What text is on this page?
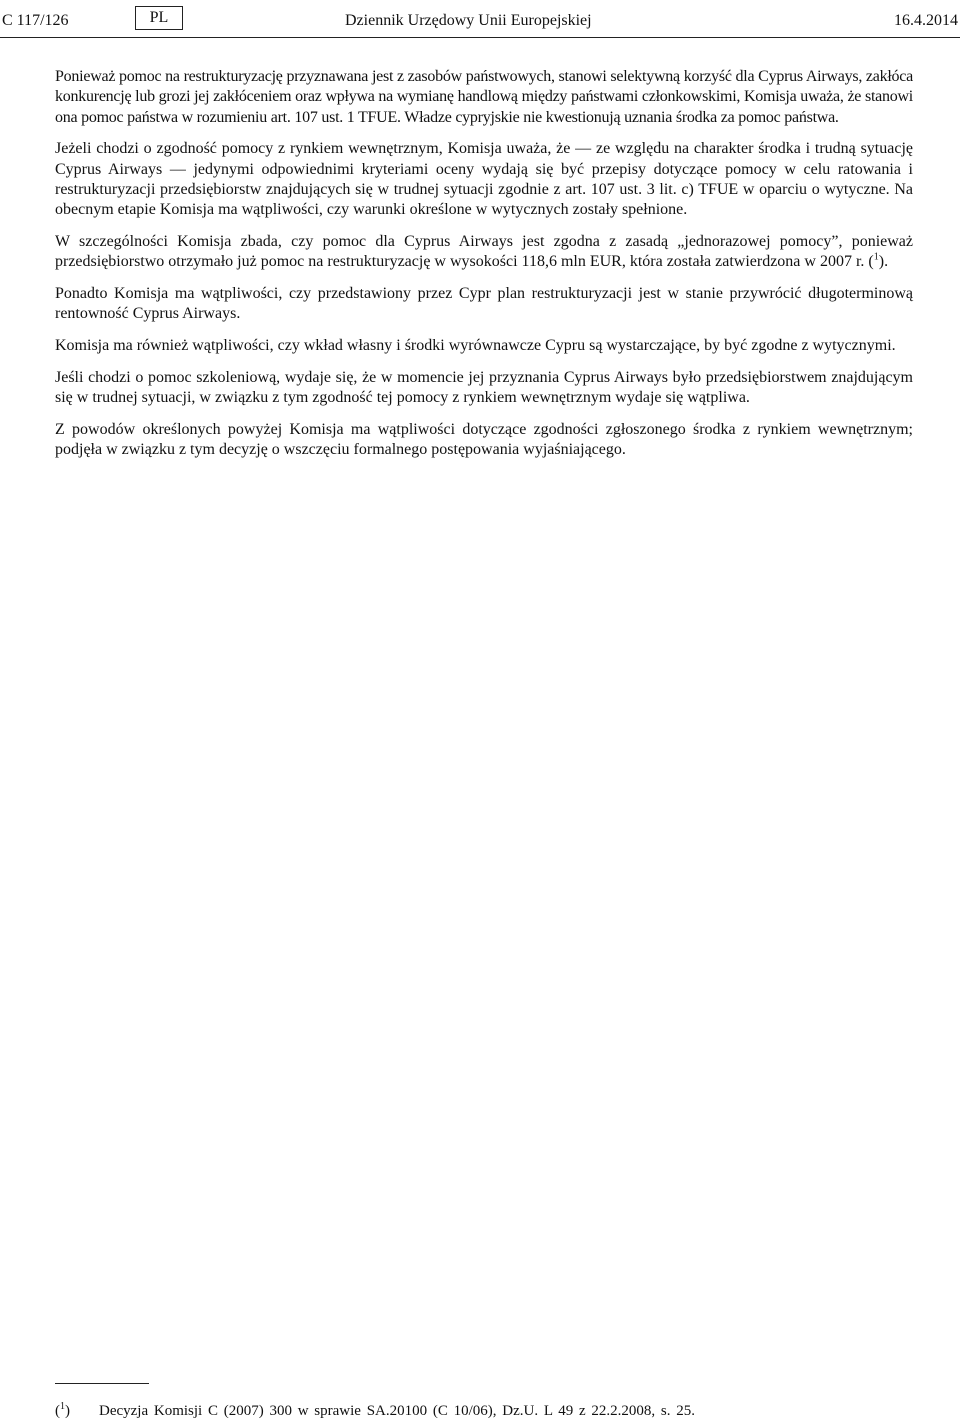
C 117/126	PL	Dziennik Urzędowy Unii Europejskiej	16.4.2014

Ponieważ pomoc na restrukturyzację przyznawana jest z zasobów państwowych, stanowi selektywną korzyść dla Cyprus Airways, zakłóca konkurencję lub grozi jej zakłóceniem oraz wpływa na wymianę handlową między państwami członkowskimi, Komisja uważa, że stanowi ona pomoc państwa w rozumieniu art. 107 ust. 1 TFUE. Władze cypryjskie nie kwestionują uznania środka za pomoc państwa.

Jeżeli chodzi o zgodność pomocy z rynkiem wewnętrznym, Komisja uważa, że — ze względu na charakter środka i trudną sytuację Cyprus Airways — jedynymi odpowiednimi kryteriami oceny wydają się być przepisy dotyczące pomocy w celu ratowania i restrukturyzacji przedsiębiorstw znajdujących się w trudnej sytuacji zgodnie z art. 107 ust. 3 lit. c) TFUE w oparciu o wytyczne. Na obecnym etapie Komisja ma wątpliwości, czy warunki określone w wytycznych zostały spełnione.

W szczególności Komisja zbada, czy pomoc dla Cyprus Airways jest zgodna z zasadą „jednorazowej pomocy”, ponieważ przedsiębiorstwo otrzymało już pomoc na restrukturyzację w wysokości 118,6 mln EUR, która została zatwierdzona w 2007 r. ($^1$).

Ponadto Komisja ma wątpliwości, czy przedstawiony przez Cypr plan restrukturyzacji jest w stanie przywrócić długoterminową rentowność Cyprus Airways.

Komisja ma również wątpliwości, czy wkład własny i środki wyrównawcze Cypru są wystarczające, by być zgodne z wytycznymi.

Jeśli chodzi o pomoc szkoleniową, wydaje się, że w momencie jej przyznania Cyprus Airways było przedsiębiorstwem znajdującym się w trudnej sytuacji, w związku z tym zgodność tej pomocy z rynkiem wewnętrznym wydaje się wątpliwa.

Z powodów określonych powyżej Komisja ma wątpliwości dotyczące zgodności zgłoszonego środka z rynkiem wewnętrznym; podjęła w związku z tym decyzję o wszczęciu formalnego postępowania wyjaśniającego.

($^1$) Decyzja Komisji C (2007) 300 w sprawie SA.20100 (C 10/06), Dz.U. L 49 z 22.2.2008, s. 25.
